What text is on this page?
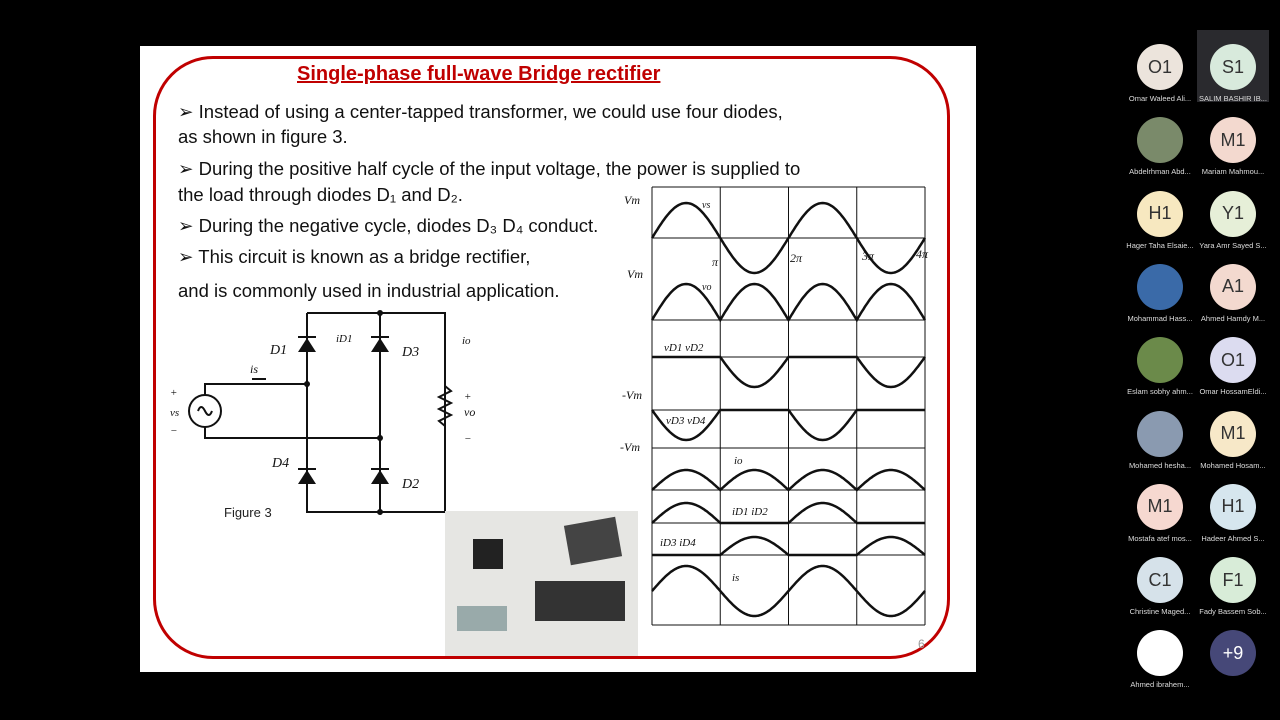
Single-phase full-wave Bridge rectifier
➢ Instead of using a center-tapped transformer, we could use four diodes,
as shown in figure 3.
➢ During the positive half cycle of the input voltage, the power is supplied to
the load through diodes D₁ and D₂.
➢ During the negative cycle, diodes D₃ D₄ conduct.
➢ This circuit is known as a bridge rectifier,
and is commonly used in industrial application.
D1	D3
D4
D2
is
vs
+
−
iD1	io
vo
+
−
Vm	vs
π	2π	3π	4π
Vm
vo
vD1 vD2
-Vm
vD3 vD4
-Vm
io
iD1 iD2
iD3 iD4
is
Figure 3
6
O1
Omar Waleed Ali...
S1
SALIM BASHIR IB...
Abdelrhman Abd...
M1
Mariam Mahmou...
H1
Hager Taha Elsaie...
Y1
Yara Amr Sayed S...
Mohammad Hass...
A1
Ahmed Hamdy M...
Eslam sobhy ahm...
O1
Omar HossamEldi...
Mohamed hesha...
M1
Mohamed Hosam...
M1
Mostafa atef mos...
H1
Hadeer Ahmed S...
C1
Christine Maged...
F1
Fady Bassem Sob...
Ahmed ibrahem...
+9
